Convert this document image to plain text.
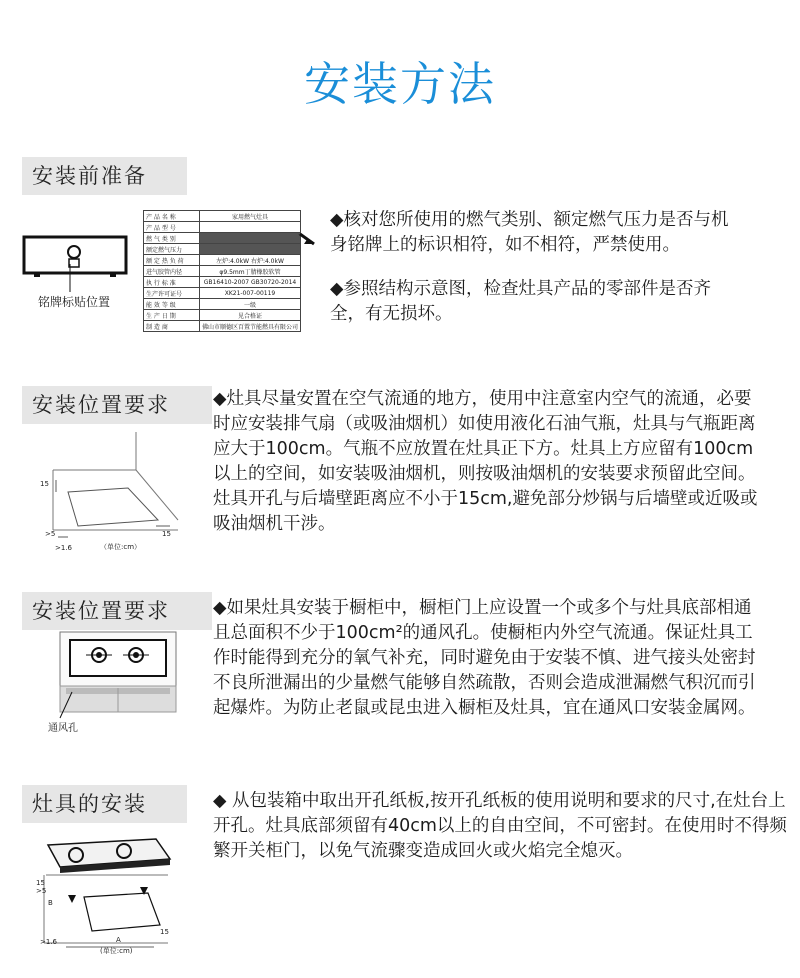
安装方法
安装前准备
铭牌标贴位置
产 品 名 称	家用燃气灶具
产 品 型 号	
燃 气 类 别	
额定燃气压力	
额 定 热 负 荷	左炉:4.0kW 右炉:4.0kW
进气胶管内径	φ9.5mm丁腈橡胶软管
执 行 标 准	GB16410-2007 GB30720-2014
生产许可证号	XK21-007-00119
能 效 等 级	一级
生 产 日 期	见合格证
制 造 商	佛山市顺德区百置节能燃具有限公司

◆核对您所使用的燃气类别、额定燃气压力是否与机身铭牌上的标识相符，如不相符，严禁使用。

◆参照结构示意图，检查灶具产品的零部件是否齐全，有无损坏。

安装位置要求
15
>5
>1.6
15
（单位:cm）

◆灶具尽量安置在空气流通的地方，使用中注意室内空气的流通，必要时应安装排气扇（或吸油烟机）如使用液化石油气瓶，灶具与气瓶距离应大于100cm。气瓶不应放置在灶具正下方。灶具上方应留有100cm以上的空间，如安装吸油烟机，则按吸油烟机的安装要求预留此空间。灶具开孔与后墙壁距离应不小于15cm,避免部分炒锅与后墙壁或近吸或吸油烟机干涉。

安装位置要求
通风孔

◆如果灶具安装于橱柜中，橱柜门上应设置一个或多个与灶具底部相通且总面积不少于100cm²的通风孔。使橱柜内外空气流通。保证灶具工作时能得到充分的氧气补充，同时避免由于安装不慎、进气接头处密封不良所泄漏出的少量燃气能够自然疏散，否则会造成泄漏燃气积沉而引起爆炸。为防止老鼠或昆虫进入橱柜及灶具，宜在通风口安装金属网。

灶具的安装
15
>5
B
A
>1.6
15
(单位:cm)

◆ 从包装箱中取出开孔纸板,按开孔纸板的使用说明和要求的尺寸,在灶台上开孔。灶具底部须留有40cm以上的自由空间，不可密封。在使用时不得频繁开关柜门，以免气流骤变造成回火或火焰完全熄灭。
